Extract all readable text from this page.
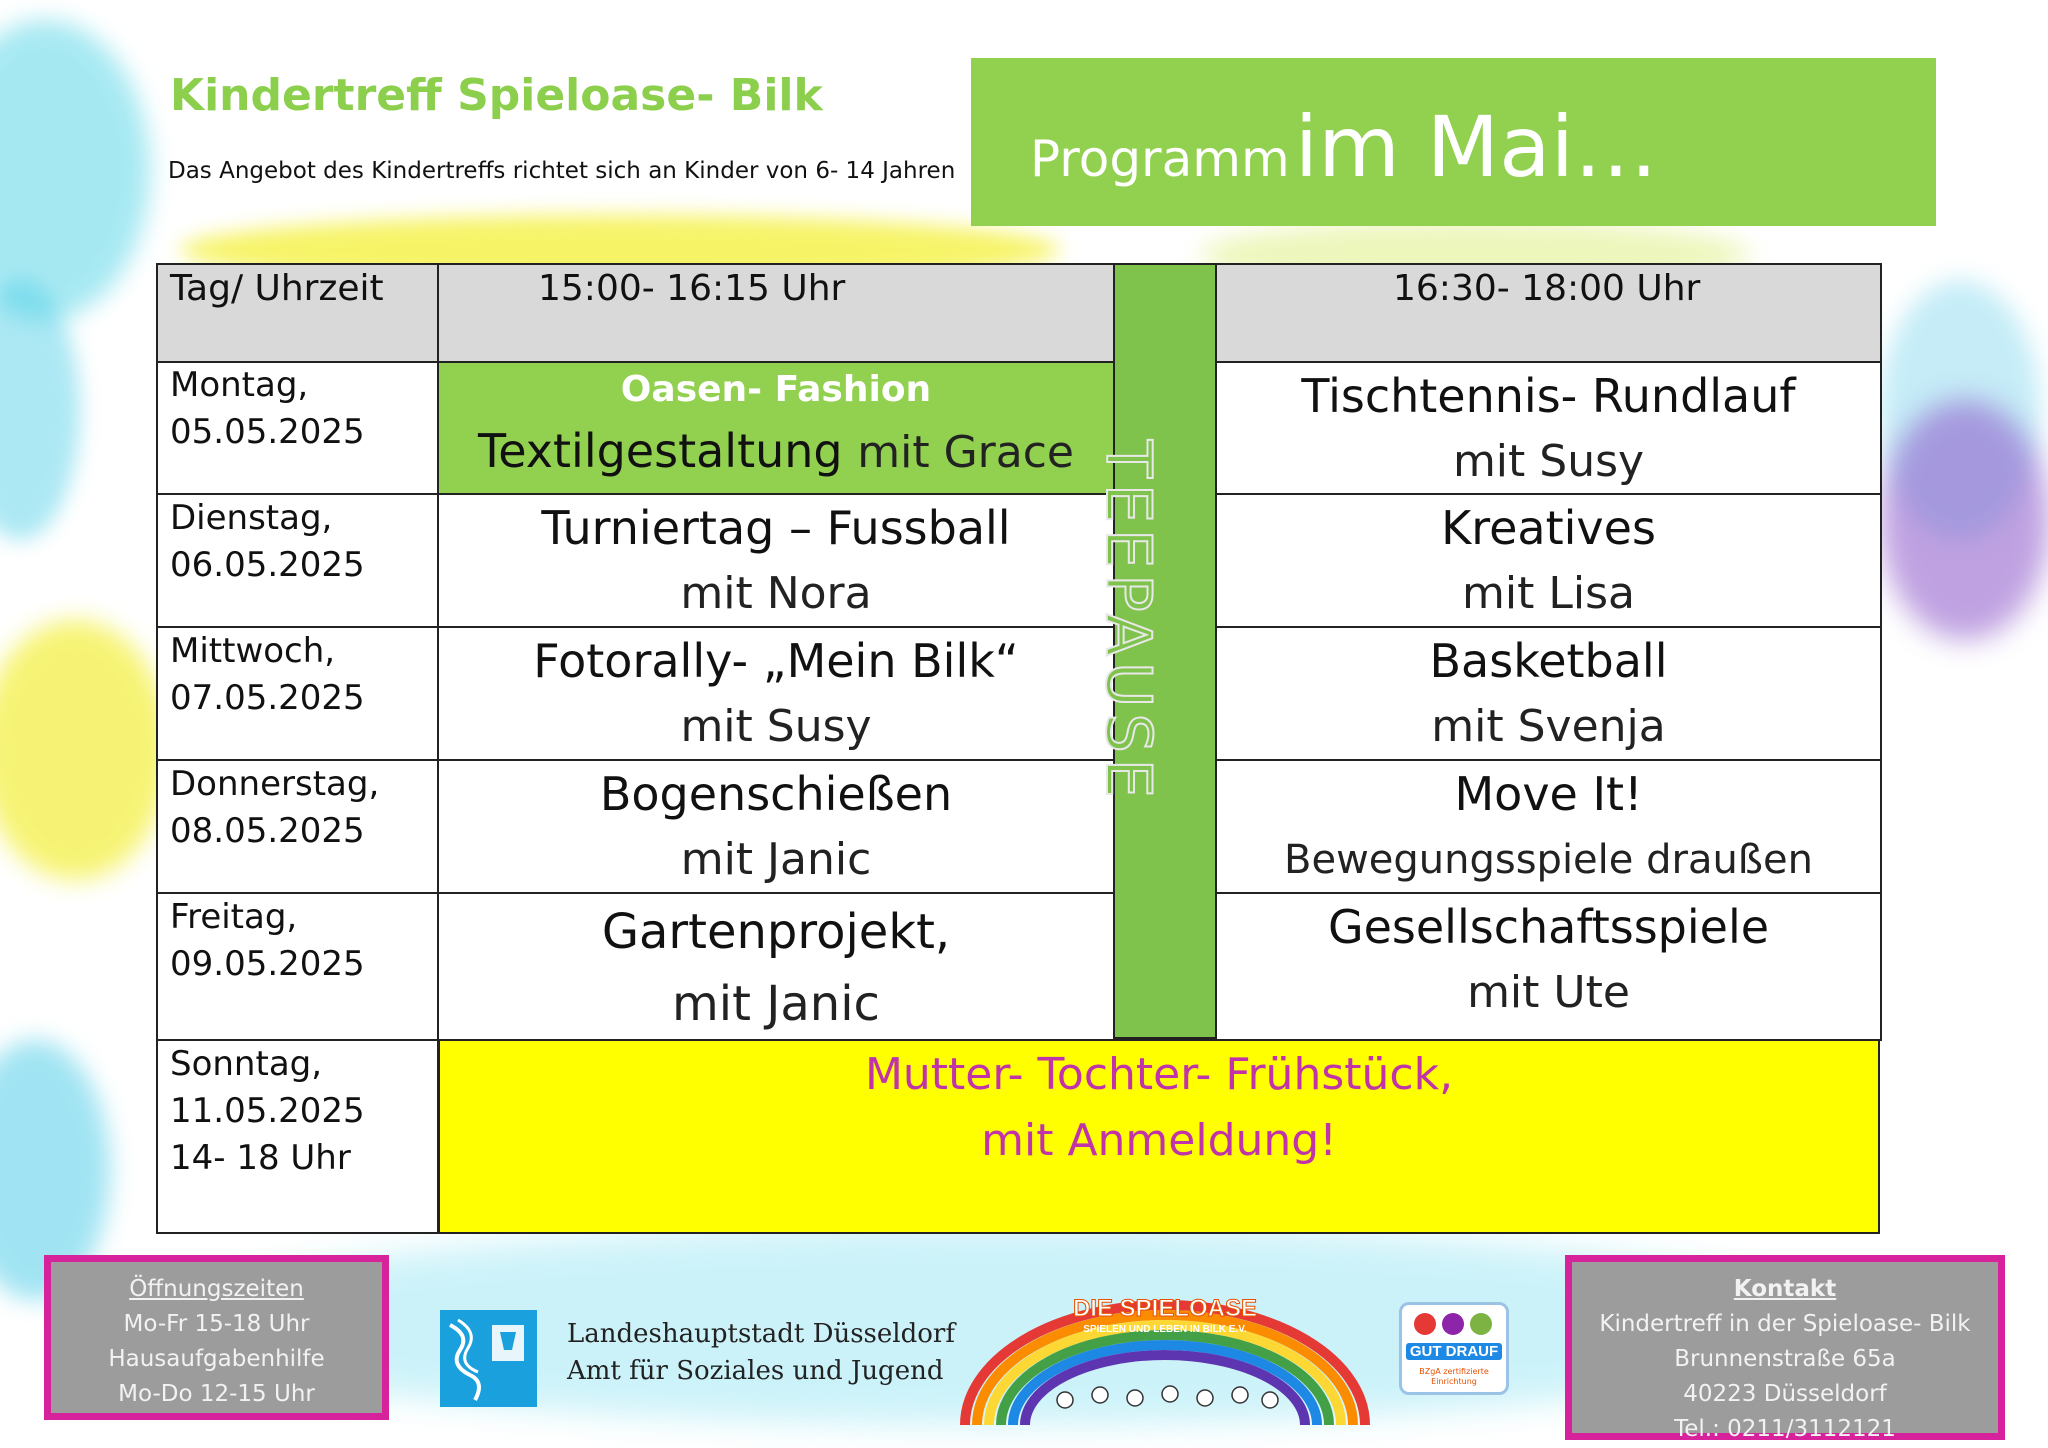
Kindertreff Spieloase- Bilk
Das Angebot des Kindertreffs richtet sich an Kinder von 6- 14 Jahren Programm im Mai…
Tag/ Uhrzeit	15:00- 16:15 Uhr	16:30- 18:00 Uhr
TEEPAUSE
Montag,
05.05.2025
Dienstag,
06.05.2025
Mittwoch,
07.05.2025
Donnerstag,
08.05.2025
Freitag,
09.05.2025
Sonntag,
11.05.2025
14- 18 Uhr
Oasen- Fashion
Textilgestaltung mit Grace
Turniertag – Fussball
mit Nora
Fotorally- „Mein Bilk“
mit Susy
Bogenschießen
mit Janic
Gartenprojekt,
mit Janic
Tischtennis- Rundlauf
mit Susy
Kreatives
mit Lisa
Basketball
mit Svenja
Move It!
Bewegungsspiele draußen
Gesellschaftsspiele
mit Ute
Mutter- Tochter- Frühstück,
mit Anmeldung!
Öffnungszeiten
Mo-Fr 15-18 Uhr
Hausaufgabenhilfe
Mo-Do 12-15 Uhr
Landeshauptstadt Düsseldorf
Amt für Soziales und Jugend
DIE SPIELOASE
SPIELEN UND LEBEN IN BILK E.V.
GUT DRAUF
BZgA zertifizierte Einrichtung
Kontakt
Kindertreff in der Spieloase- Bilk
Brunnenstraße 65a
40223 Düsseldorf
Tel.: 0211/3112121
